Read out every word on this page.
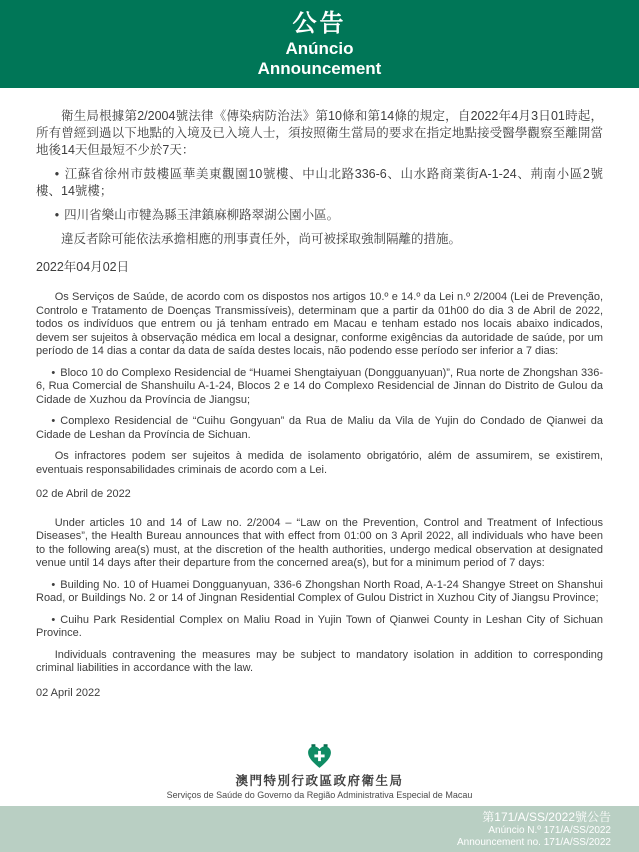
公告
Anúncio
Announcement

衛生局根據第2/2004號法律《傳染病防治法》第10條和第14條的規定，自2022年4月3日01時起，所有曾經到過以下地點的入境及已入境人士，須按照衛生當局的要求在指定地點接受醫學觀察至離開當地後14天但最短不少於7天：

• 江蘇省徐州市鼓樓區華美東觀園10號樓、中山北路336-6、山水路商業街A-1-24、荊南小區2號樓、14號樓；

• 四川省樂山市犍為縣玉津鎮麻柳路翠湖公園小區。

違反者除可能依法承擔相應的刑事責任外，尚可被採取強制隔離的措施。

2022年04月02日

Os Serviços de Saúde, de acordo com os dispostos nos artigos 10.º e 14.º da Lei n.º 2/2004 (Lei de Prevenção, Controlo e Tratamento de Doenças Transmissíveis), determinam que a partir da 01h00 do dia 3 de Abril de 2022, todos os indivíduos que entrem ou já tenham entrado em Macau e tenham estado nos locais abaixo indicados, devem ser sujeitos à observação médica em local a designar, conforme exigências da autoridade de saúde, por um período de 14 dias a contar da data de saída destes locais, não podendo esse período ser inferior a 7 dias:

• Bloco 10 do Complexo Residencial de “Huamei Shengtaiyuan (Dongguanyuan)”, Rua norte de Zhongshan 336-6, Rua Comercial de Shanshuilu A-1-24, Blocos 2 e 14 do Complexo Residencial de Jinnan do Distrito de Gulou da Cidade de Xuzhou da Província de Jiangsu;

• Complexo Residencial de “Cuihu Gongyuan” da Rua de Maliu da Vila de Yujin do Condado de Qianwei da Cidade de Leshan da Província de Sichuan.

Os infractores podem ser sujeitos à medida de isolamento obrigatório, além de assumirem, se existirem, eventuais responsabilidades criminais de acordo com a Lei.

02 de Abril de 2022

Under articles 10 and 14 of Law no. 2/2004 – “Law on the Prevention, Control and Treatment of Infectious Diseases”, the Health Bureau announces that with effect from 01:00 on 3 April 2022, all individuals who have been to the following area(s) must, at the discretion of the health authorities, undergo medical observation at designated venue until 14 days after their departure from the concerned area(s), but for a minimum period of 7 days:

• Building No. 10 of Huamei Dongguanyuan, 336-6 Zhongshan North Road, A-1-24 Shangye Street on Shanshui Road, or Buildings No. 2 or 14 of Jingnan Residential Complex of Gulou District in Xuzhou City of Jiangsu Province;

• Cuihu Park Residential Complex on Maliu Road in Yujin Town of Qianwei County in Leshan City of Sichuan Province.

Individuals contravening the measures may be subject to mandatory isolation in addition to corresponding criminal liabilities in accordance with the law.

02 April 2022

澳門特別行政區政府衛生局
Serviços de Saúde do Governo da Região Administrativa Especial de Macau
第171/A/SS/2022號公告
Anúncio N.º 171/A/SS/2022
Announcement no. 171/A/SS/2022
